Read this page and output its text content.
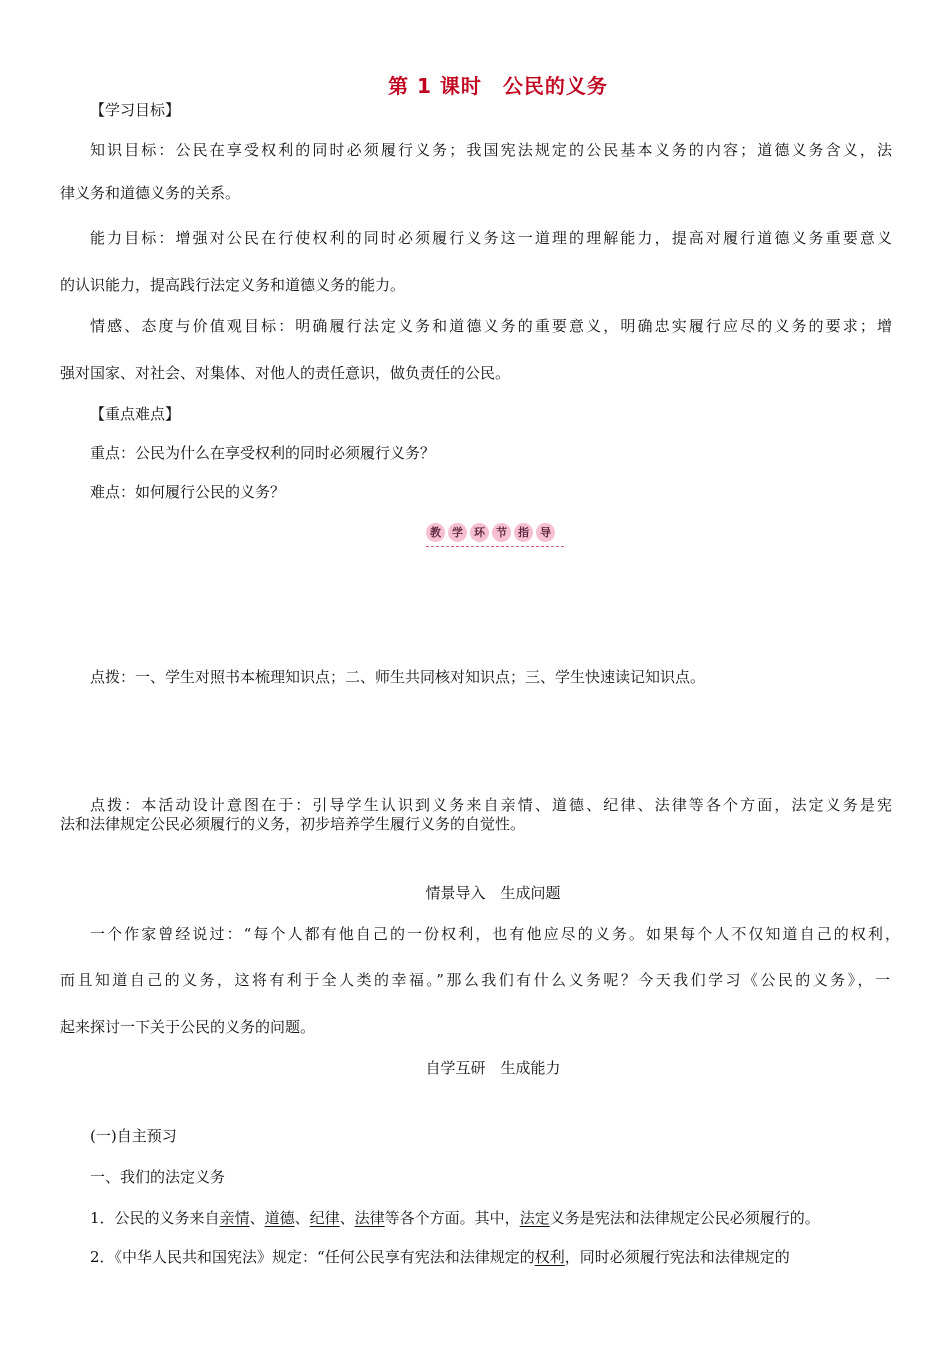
第 1 课时　公民的义务
【学习目标】
知识目标：公民在享受权利的同时必须履行义务；我国宪法规定的公民基本义务的内容；道德义务含义，法
律义务和道德义务的关系。
能力目标：增强对公民在行使权利的同时必须履行义务这一道理的理解能力，提高对履行道德义务重要意义
的认识能力，提高践行法定义务和道德义务的能力。
情感、态度与价值观目标：明确履行法定义务和道德义务的重要意义，明确忠实履行应尽的义务的要求；增
强对国家、对社会、对集体、对他人的责任意识，做负责任的公民。
【重点难点】
重点：公民为什么在享受权利的同时必须履行义务？
难点：如何履行公民的义务？
教 学 环 节 指 导
点拨：一、学生对照书本梳理知识点；二、师生共同核对知识点；三、学生快速读记知识点。
点拨：本活动设计意图在于：引导学生认识到义务来自亲情、道德、纪律、法律等各个方面，法定义务是宪
法和法律规定公民必须履行的义务，初步培养学生履行义务的自觉性。
情景导入　生成问题
一个作家曾经说过：“每个人都有他自己的一份权利，也有他应尽的义务。如果每个人不仅知道自己的权利，
而且知道自己的义务，这将有利于全人类的幸福。”那么我们有什么义务呢？今天我们学习《公民的义务》，一
起来探讨一下关于公民的义务的问题。
自学互研　生成能力
(一)自主预习
一、我们的法定义务
1．公民的义务来自亲情、道德、纪律、法律等各个方面。其中，法定义务是宪法和法律规定公民必须履行的。
2．《中华人民共和国宪法》规定：“任何公民享有宪法和法律规定的权利，同时必须履行宪法和法律规定的
